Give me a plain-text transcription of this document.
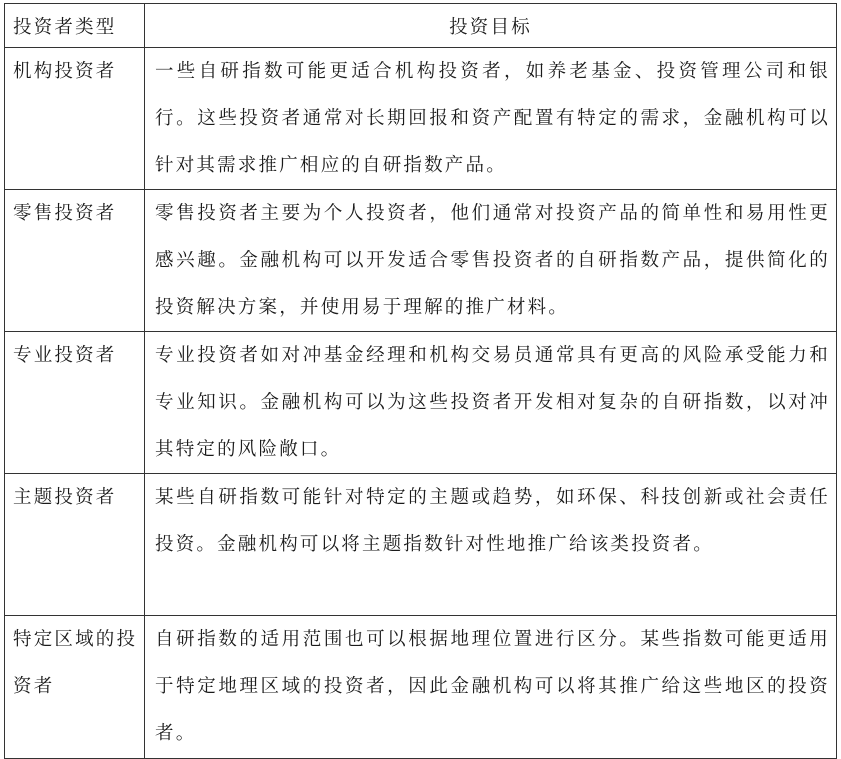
投资者类型	投资目标
机构投资者	一些自研指数可能更适合机构投资者，如养老基金、投资管理公司和银行。这些投资者通常对长期回报和资产配置有特定的需求，金融机构可以针对其需求推广相应的自研指数产品。
零售投资者	零售投资者主要为个人投资者，他们通常对投资产品的简单性和易用性更感兴趣。金融机构可以开发适合零售投资者的自研指数产品，提供简化的投资解决方案，并使用易于理解的推广材料。
专业投资者	专业投资者如对冲基金经理和机构交易员通常具有更高的风险承受能力和专业知识。金融机构可以为这些投资者开发相对复杂的自研指数，以对冲其特定的风险敞口。
主题投资者	某些自研指数可能针对特定的主题或趋势，如环保、科技创新或社会责任投资。金融机构可以将主题指数针对性地推广给该类投资者。
特定区域的投资者	自研指数的适用范围也可以根据地理位置进行区分。某些指数可能更适用于特定地理区域的投资者，因此金融机构可以将其推广给这些地区的投资者。
